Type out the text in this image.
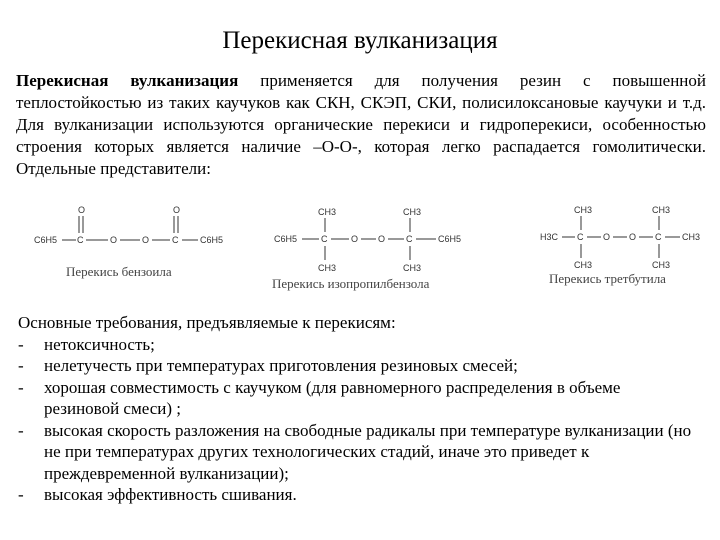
Перекисная вулканизация
Перекисная вулканизация применяется для получения резин с повышенной теплостойкостью из таких каучуков как СКН, СКЭП, СКИ, полисилоксановые каучуки и т.д. Для вулканизации используются органические перекиси и гидроперекиси, особенностью строения которых является наличие –О-О-, которая легко распадается гомолитически. Отдельные представители:
C6H5 C
O
O	O	C
O
C6H5	C6H5	C
CH3
CH3
O O C
CH3
CH3
C6H5	H3C C
CH3
CH3
O O C
CH3
CH3
CH3
Перекись бензоила
Перекись изопропилбензола	Перекись третбутила

Основные требования, предъявляемые к перекисям:

- нетоксичность;
- нелетучесть при температурах приготовления резиновых смесей;
- хорошая совместимость с каучуком (для равномерного распределения в объеме резиновой смеси) ;
- высокая скорость разложения на свободные радикалы при температуре вулканизации (но не при температурах других технологических стадий, иначе это приведет к преждевременной вулканизации);
- высокая эффективность сшивания.
